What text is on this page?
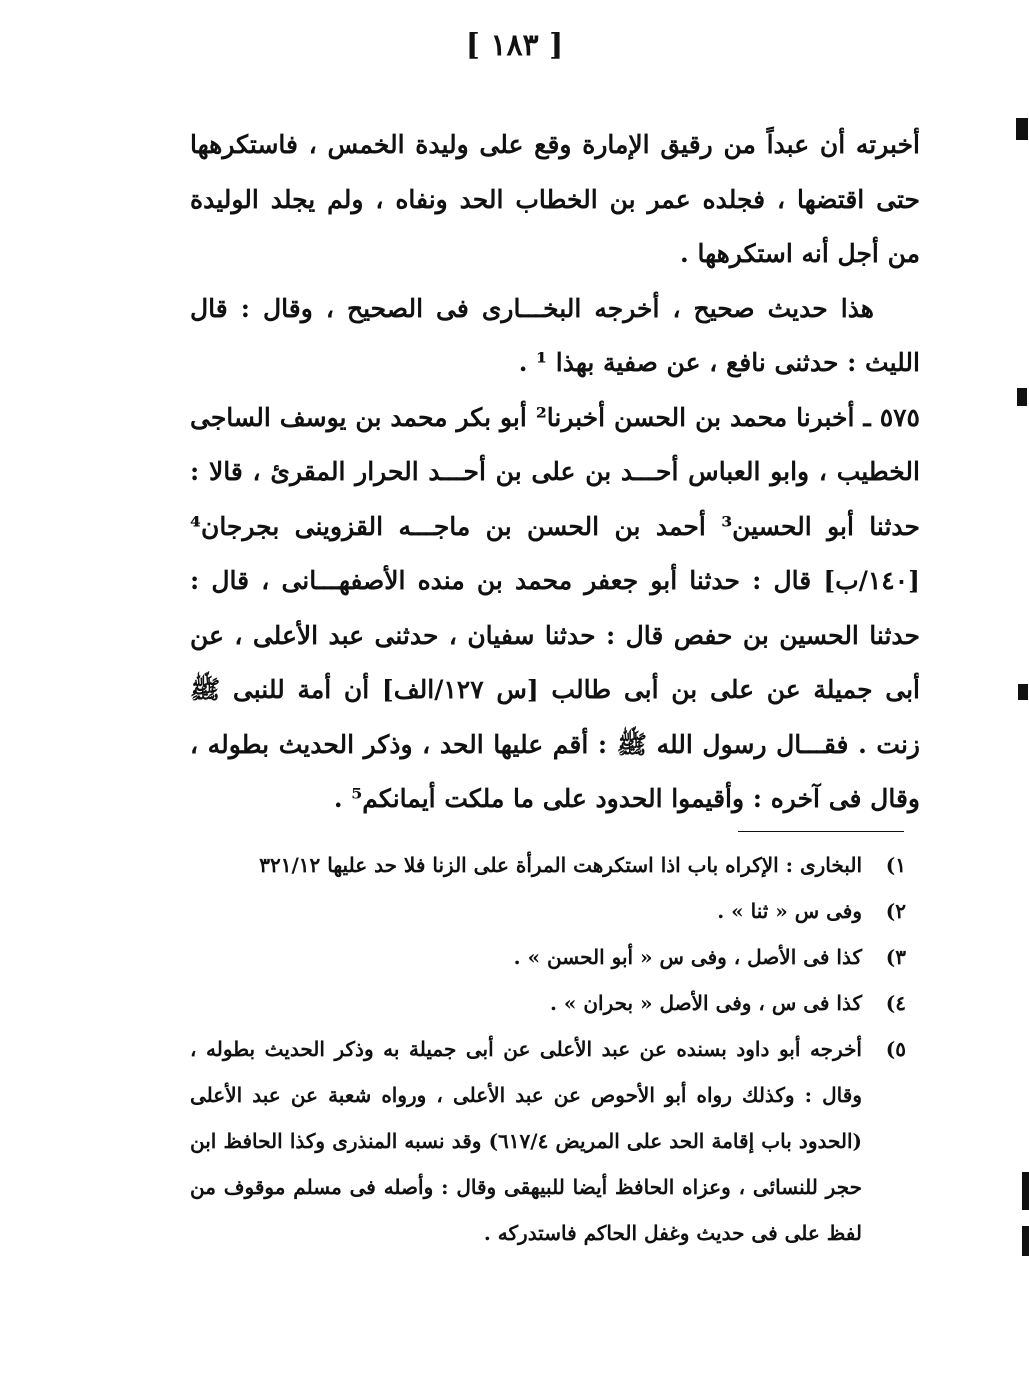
[ ١٨٣ ]

أخبرته أن عبداً من رقيق الإمارة وقع على وليدة الخمس ، فاستكرهها حتى اقتضها ، فجلده عمر بن الخطاب الحد ونفاه ، ولم يجلد الوليدة من أجل أنه استكرهها .

هذا حديث صحيح ، أخرجه البخـــارى فى الصحيح ، وقال : قال الليث : حدثنى نافع ، عن صفية بهذا ¹ .

٥٧٥ ـ أخبرنا محمد بن الحسن أخبرنا² أبو بكر محمد بن يوسف الساجى الخطيب ، وابو العباس أحـــد بن على بن أحـــد الحرار المقرئ ، قالا : حدثنا أبو الحسين³ أحمد بن الحسن بن ماجـــه القزوينى بجرجان⁴ [١٤٠/ب] قال : حدثنا أبو جعفر محمد بن منده الأصفهـــانى ، قال : حدثنا الحسين بن حفص قال : حدثنا سفيان ، حدثنى عبد الأعلى ، عن أبى جميلة عن على بن أبى طالب [س ١٢٧/الف] أن أمة للنبى ﷺ زنت . فقـــال رسول الله ﷺ : أقم عليها الحد ، وذكر الحديث بطوله ، وقال فى آخره : وأقيموا الحدود على ما ملكت أيمانكم⁵ .

١)
البخارى : الإكراه باب اذا استكرهت المرأة على الزنا فلا حد عليها ٣٢١/١٢
٢)
وفى س « ثنا » .
٣)
كذا فى الأصل ، وفى س « أبو الحسن » .
٤)
كذا فى س ، وفى الأصل « بحران » .
٥)
أخرجه أبو داود بسنده عن عبد الأعلى عن أبى جميلة به وذكر الحديث بطوله ، وقال : وكذلك رواه أبو الأحوص عن عبد الأعلى ، ورواه شعبة عن عبد الأعلى (الحدود باب إقامة الحد على المريض ٦١٧/٤) وقد نسبه المنذرى وكذا الحافظ ابن حجر للنسائى ، وعزاه الحافظ أيضا للبيهقى وقال : وأصله فى مسلم موقوف من لفظ على فى حديث وغفل الحاكم فاستدركه .
